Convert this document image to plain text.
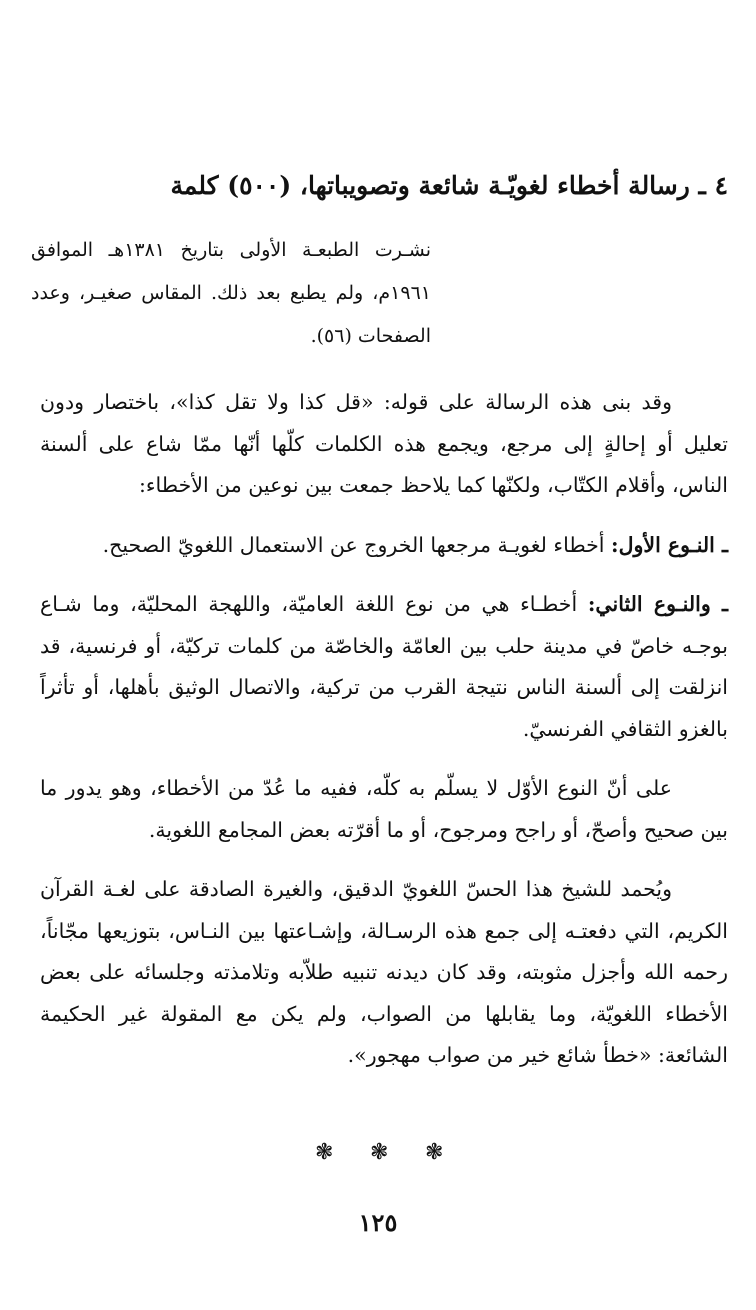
٤ ـ رسالة أخطاء لغويّـة شائعة وتصويباتها، (٥٠٠) كلمة
نشـرت الطبعـة الأولى بتاريخ ١٣٨١هـ الموافق ١٩٦١م، ولم يطبع بعد ذلك. المقاس صغيـر، وعدد الصفحات (٥٦).

وقد بنى هذه الرسالة على قوله: «قل كذا ولا تقل كذا»، باختصار ودون تعليل أو إحالةٍ إلى مرجع، ويجمع هذه الكلمات كلّها أنّها ممّا شاع على ألسنة الناس، وأقلام الكتّاب، ولكنّها كما يلاحظ جمعت بين نوعين من الأخطاء:

ـ النـوع الأول: أخطاء لغويـة مرجعها الخروج عن الاستعمال اللغويّ الصحيح.

ـ والنـوع الثاني: أخطـاء هي من نوع اللغة العاميّة، واللهجة المحليّة، وما شـاع بوجـه خاصّ في مدينة حلب بين العامّة والخاصّة من كلمات تركيّة، أو فرنسية، قد انزلقت إلى ألسنة الناس نتيجة القرب من تركية، والاتصال الوثيق بأهلها، أو تأثراً بالغزو الثقافي الفرنسيّ.

على أنّ النوع الأوّل لا يسلّم به كلّه، ففيه ما عُدّ من الأخطاء، وهو يدور ما بين صحيح وأصحّ، أو راجح ومرجوح، أو ما أقرّته بعض المجامع اللغوية.

ويُحمد للشيخ هذا الحسّ اللغويّ الدقيق، والغيرة الصادقة على لغـة القرآن الكريم، التي دفعتـه إلى جمع هذه الرسـالة، وإشـاعتها بين النـاس، بتوزيعها مجّاناً، رحمه الله وأجزل مثوبته، وقد كان ديدنه تنبيه طلاّبه وتلامذته وجلسائه على بعض الأخطاء اللغويّة، وما يقابلها من الصواب، ولم يكن مع المقولة غير الحكيمة الشائعة: «خطأ شائع خير من صواب مهجور».

❃ ❃ ❃
١٢٥
